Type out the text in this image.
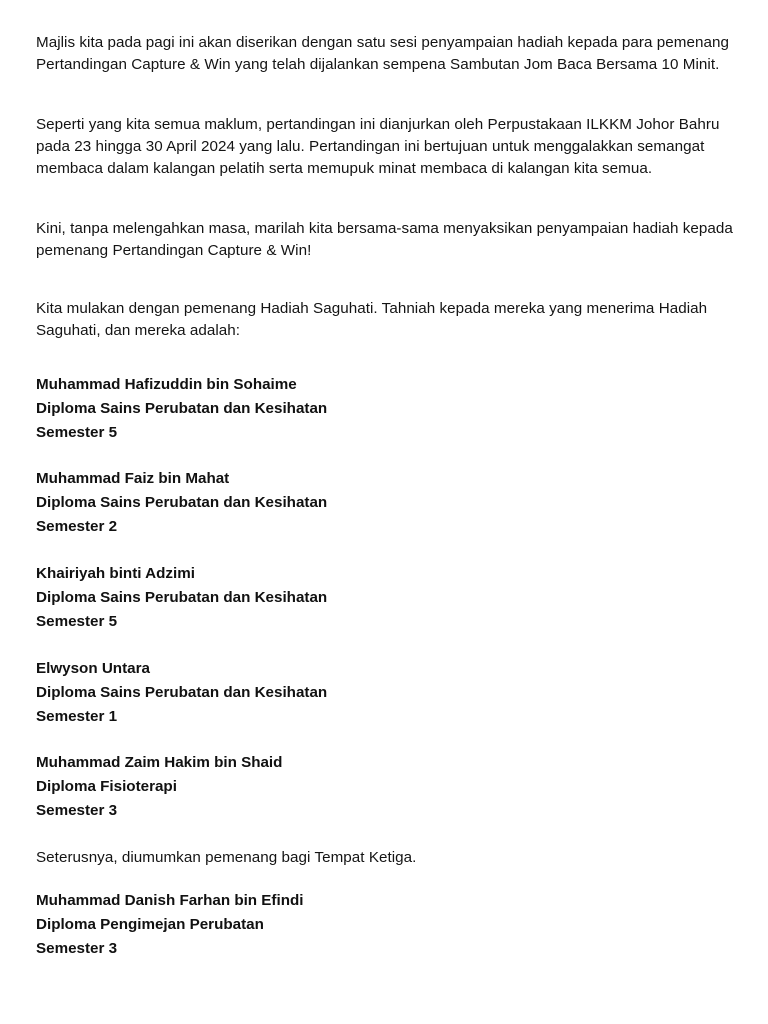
Majlis kita pada pagi ini akan diserikan dengan satu sesi penyampaian hadiah kepada para pemenang Pertandingan Capture & Win yang telah dijalankan sempena Sambutan Jom Baca Bersama 10 Minit.

Seperti yang kita semua maklum, pertandingan ini dianjurkan oleh Perpustakaan ILKKM Johor Bahru pada 23 hingga 30 April 2024 yang lalu. Pertandingan ini bertujuan untuk menggalakkan semangat membaca dalam kalangan pelatih serta memupuk minat membaca di kalangan kita semua.

Kini, tanpa melengahkan masa, marilah kita bersama-sama menyaksikan penyampaian hadiah kepada pemenang Pertandingan Capture & Win!

Kita mulakan dengan pemenang Hadiah Saguhati. Tahniah kepada mereka yang menerima Hadiah Saguhati, dan mereka adalah:

Muhammad Hafizuddin bin Sohaime
Diploma Sains Perubatan dan Kesihatan
Semester 5
Muhammad Faiz bin Mahat
Diploma Sains Perubatan dan Kesihatan
Semester 2
Khairiyah binti Adzimi
Diploma Sains Perubatan dan Kesihatan
Semester 5
Elwyson Untara
Diploma Sains Perubatan dan Kesihatan
Semester 1
Muhammad Zaim Hakim bin Shaid
Diploma Fisioterapi
Semester 3

Seterusnya, diumumkan pemenang bagi Tempat Ketiga.

Muhammad Danish Farhan bin Efindi
Diploma Pengimejan Perubatan
Semester 3
